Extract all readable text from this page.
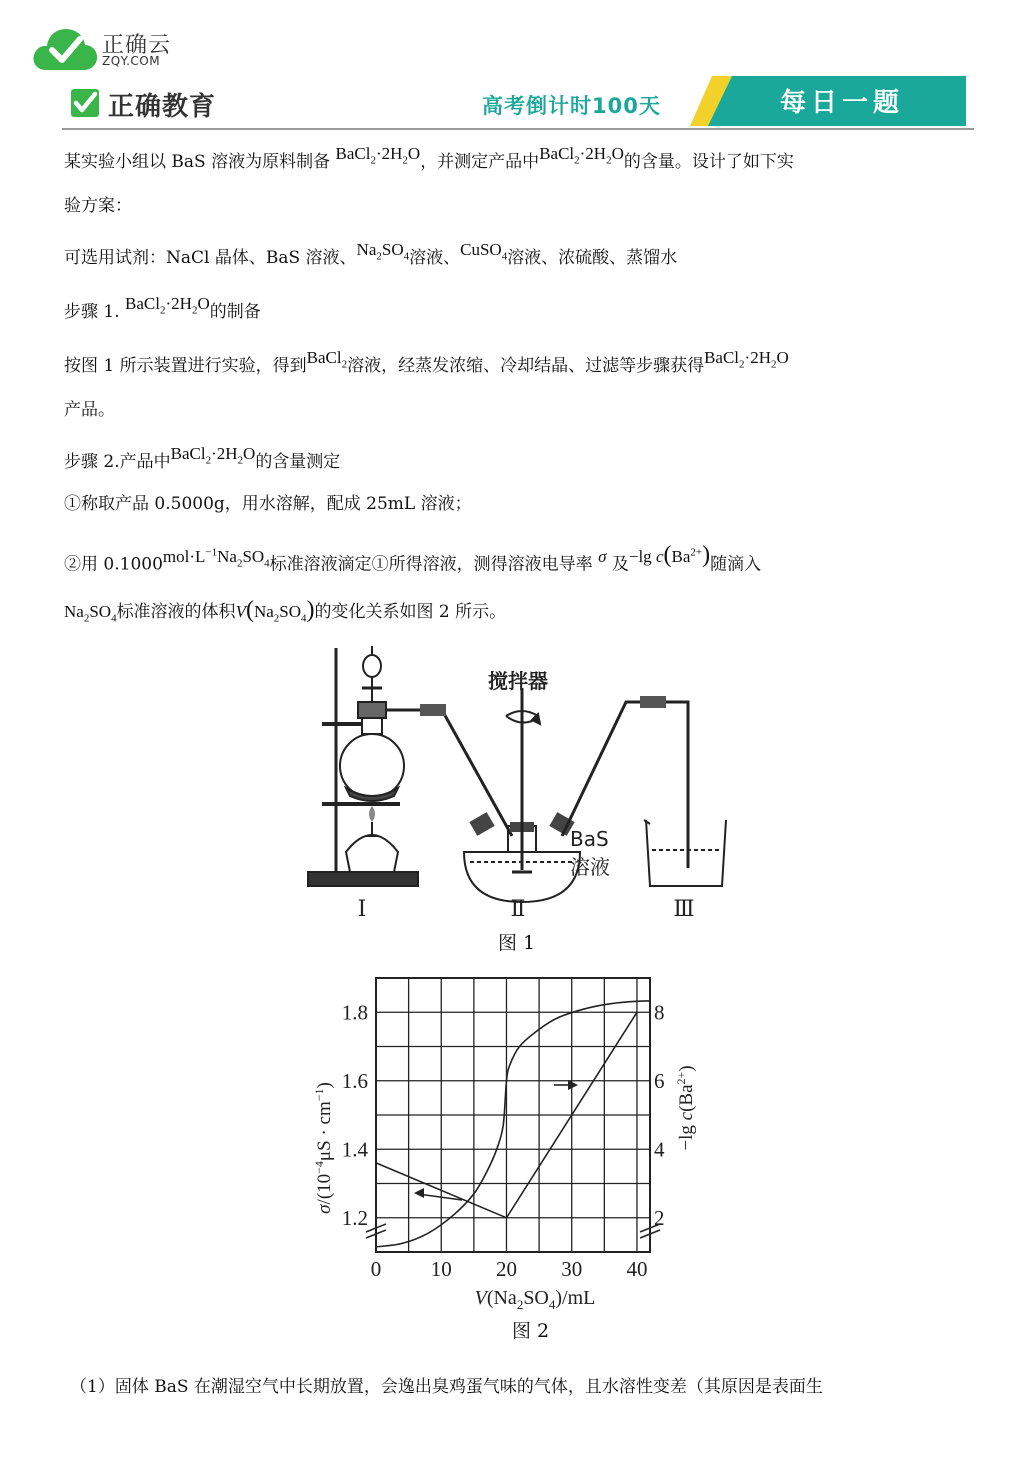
正确云
ZQY.COM
正确教育	高考倒计时100天	每日一题
某实验小组以 BaS 溶液为原料制备 $BaCl_2\cdot 2H_2O$，并测定产品中$BaCl_2\cdot 2H_2O$的含量。设计了如下实
验方案：
可选用试剂：NaCl 晶体、BaS 溶液、$Na_2SO_4$溶液、CuSO$_4$溶液、浓硫酸、蒸馏水
步骤 1. $BaCl_2\cdot 2H_2O$的制备
按图 1 所示装置进行实验，得到BaCl$_2$溶液，经蒸发浓缩、冷却结晶、过滤等步骤获得$BaCl_2\cdot 2H_2O$
产品。
步骤 2.产品中$BaCl_2\cdot 2H_2O$的含量测定
①称取产品 0.5000g，用水溶解，配成 25mL 溶液；
②用 $0.1000mol\cdot L^{-1}Na_2SO_4$标准溶液滴定①所得溶液，测得溶液电导率 σ 及−lg $c(Ba^{2+})$随滴入
$Na_2SO_4$标准溶液的体积$V(Na_2SO_4)$的变化关系如图 2 所示。
搅拌器
BaS
溶液
Ⅰ	Ⅱ	Ⅲ
图 1
0 10 20 30 40
1.2
1.4
1.6
1.8
2
4
6
8
$V(Na_2SO_4)/mL$
$\sigma/(10^{-4}\mu S \cdot cm^{-1})$
−lg $c(Ba^{2+})$
图 2
（1）固体 BaS 在潮湿空气中长期放置，会逸出臭鸡蛋气味的气体，且水溶性变差（其原因是表面生
